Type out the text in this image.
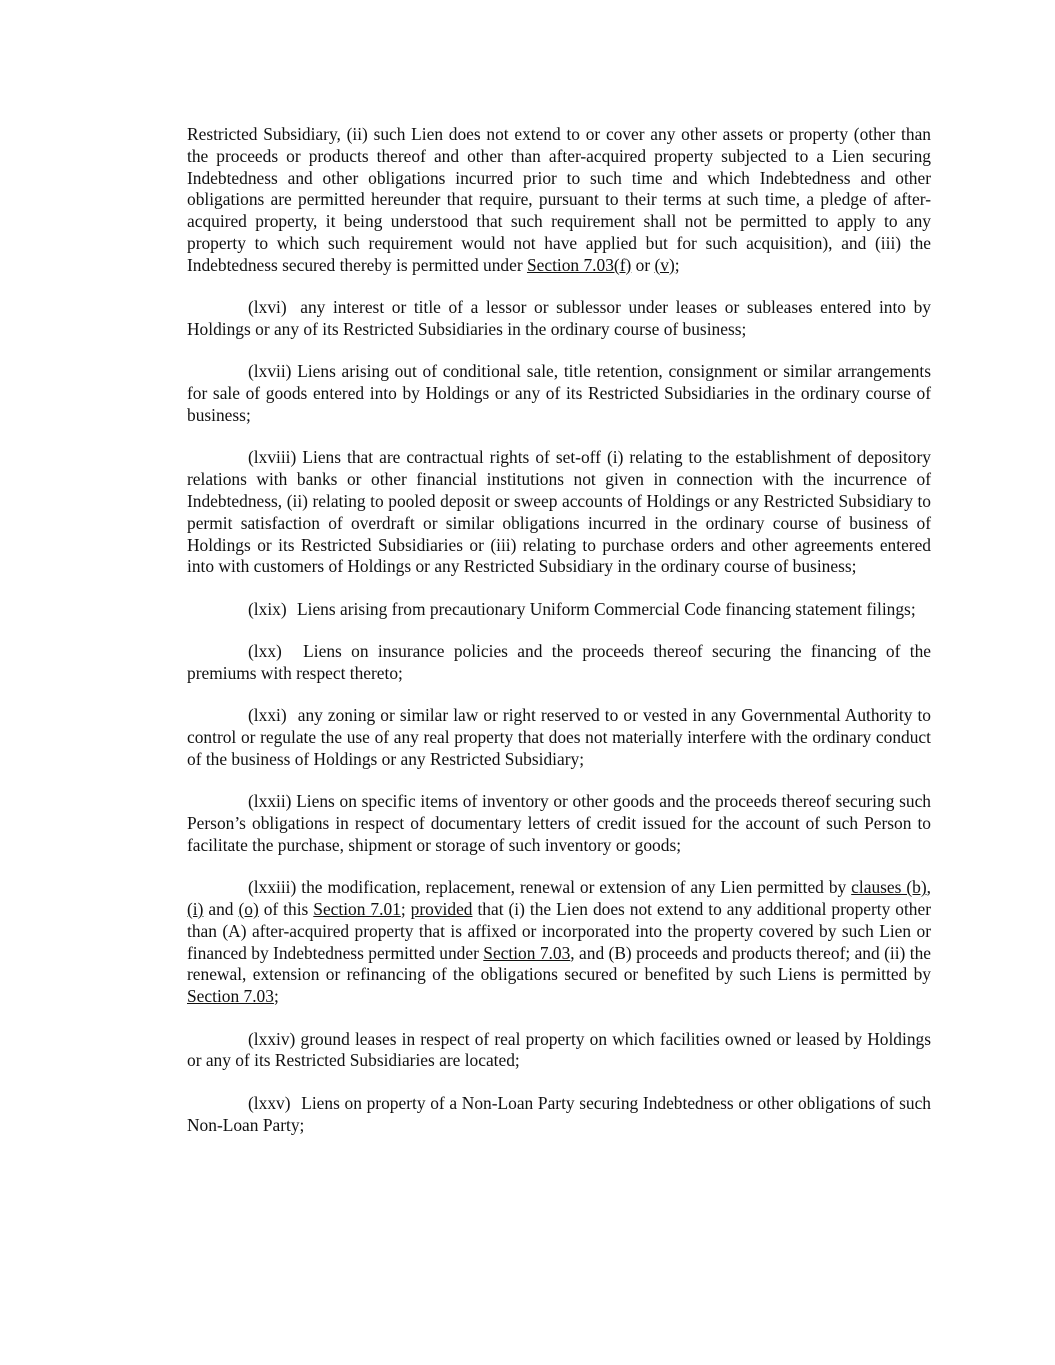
Restricted Subsidiary, (ii) such Lien does not extend to or cover any other assets or property (other than the proceeds or products thereof and other than after-acquired property subjected to a Lien securing Indebtedness and other obligations incurred prior to such time and which Indebtedness and other obligations are permitted hereunder that require, pursuant to their terms at such time, a pledge of after-acquired property, it being understood that such requirement shall not be permitted to apply to any property to which such requirement would not have applied but for such acquisition), and (iii) the Indebtedness secured thereby is permitted under Section 7.03(f) or (v);

(lxvi) any interest or title of a lessor or sublessor under leases or subleases entered into by Holdings or any of its Restricted Subsidiaries in the ordinary course of business;

(lxvii) Liens arising out of conditional sale, title retention, consignment or similar arrangements for sale of goods entered into by Holdings or any of its Restricted Subsidiaries in the ordinary course of business;

(lxviii) Liens that are contractual rights of set-off (i) relating to the establishment of depository relations with banks or other financial institutions not given in connection with the incurrence of Indebtedness, (ii) relating to pooled deposit or sweep accounts of Holdings or any Restricted Subsidiary to permit satisfaction of overdraft or similar obligations incurred in the ordinary course of business of Holdings or its Restricted Subsidiaries or (iii) relating to purchase orders and other agreements entered into with customers of Holdings or any Restricted Subsidiary in the ordinary course of business;

(lxix) Liens arising from precautionary Uniform Commercial Code financing statement filings;

(lxx) Liens on insurance policies and the proceeds thereof securing the financing of the premiums with respect thereto;

(lxxi) any zoning or similar law or right reserved to or vested in any Governmental Authority to control or regulate the use of any real property that does not materially interfere with the ordinary conduct of the business of Holdings or any Restricted Subsidiary;

(lxxii) Liens on specific items of inventory or other goods and the proceeds thereof securing such Person’s obligations in respect of documentary letters of credit issued for the account of such Person to facilitate the purchase, shipment or storage of such inventory or goods;

(lxxiii) the modification, replacement, renewal or extension of any Lien permitted by clauses (b), (i) and (o) of this Section 7.01; provided that (i) the Lien does not extend to any additional property other than (A) after-acquired property that is affixed or incorporated into the property covered by such Lien or financed by Indebtedness permitted under Section 7.03, and (B) proceeds and products thereof; and (ii) the renewal, extension or refinancing of the obligations secured or benefited by such Liens is permitted by Section 7.03;

(lxxiv) ground leases in respect of real property on which facilities owned or leased by Holdings or any of its Restricted Subsidiaries are located;

(lxxv) Liens on property of a Non-Loan Party securing Indebtedness or other obligations of such Non-Loan Party;
